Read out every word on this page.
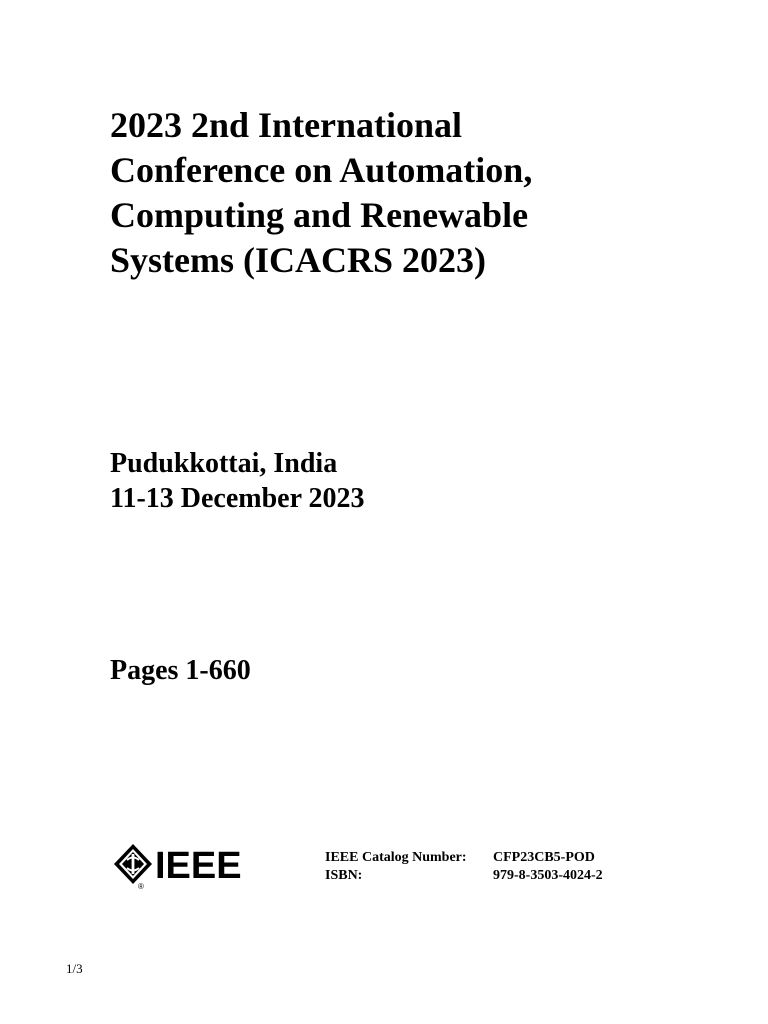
2023 2nd International
Conference on Automation,
Computing and Renewable
Systems (ICACRS 2023)
Pudukkottai, India
11-13 December 2023
Pages 1-660
IEEE
®
IEEE Catalog Number:	CFP23CB5-POD
ISBN:	979-8-3503-4024-2
1/3
